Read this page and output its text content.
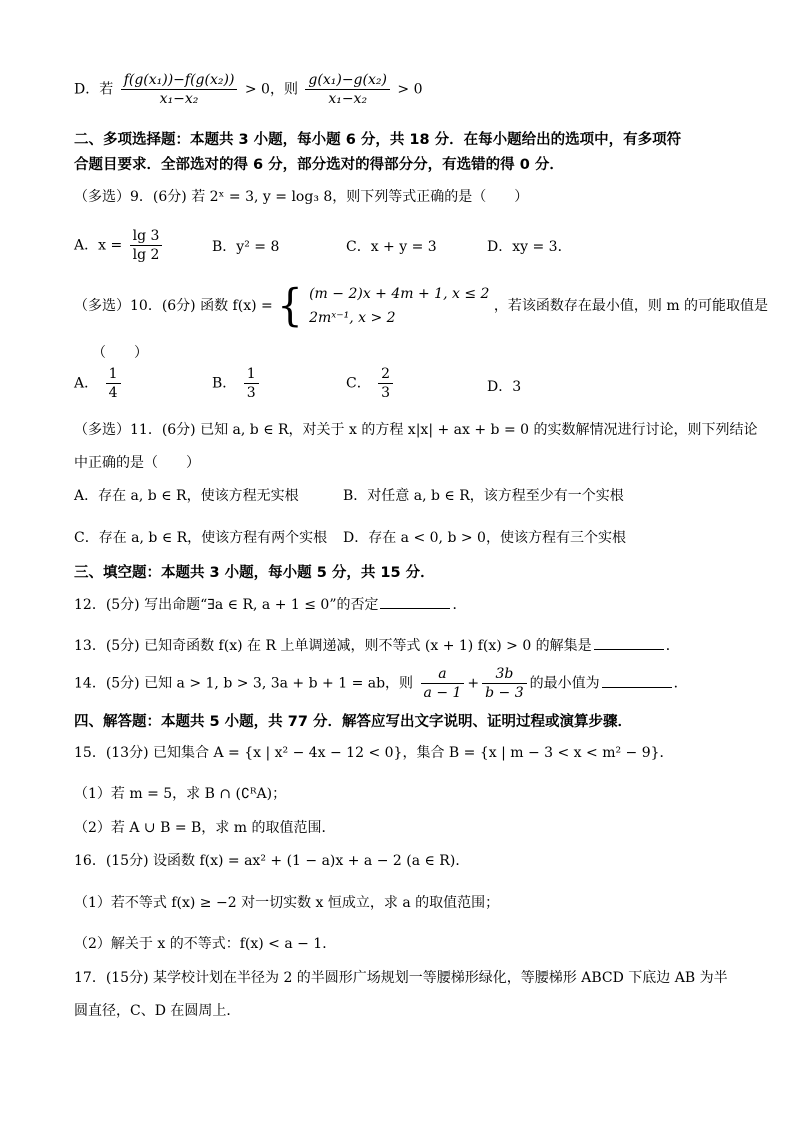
D．若 $\frac{\text{f(g(x₁))−f(g(x₂))}}{\text{x₁−x₂}} > 0$，则 $\frac{\text{g(x₁)−g(x₂)}}{\text{x₁−x₂}} > 0$
二、多项选择题：本题共 3 小题，每小题 6 分，共 18 分．在每小题给出的选项中，有多项符
合题目要求．全部选对的得 6 分，部分选对的得部分分，有选错的得 0 分．
（多选）9．(6分) 若 2ˣ = 3, y = log₃ 8，则下列等式正确的是（　　）
A．$x = \frac{\lg 3}{\lg 2}$	B．y² = 8	C．x + y = 3	D．xy = 3．
（多选）10．(6分) 函数 f(x) = { (m − 2)x + 4m + 1, x ≤ 2
2mˣ⁻¹, x > 2
，若该函数存在最小值，则 m 的可能取值是
（　　）
A． $\frac{1}{4}$	B． $\frac{1}{3}$	C． $\frac{2}{3}$	D．3
（多选）11．(6分) 已知 a, b ∈ R，对关于 x 的方程 x|x| + ax + b = 0 的实数解情况进行讨论，则下列结论
中正确的是（　　）
A．存在 a, b ∈ R，使该方程无实根	B．对任意 a, b ∈ R，该方程至少有一个实根
C．存在 a, b ∈ R，使该方程有两个实根 D．存在 a < 0, b > 0，使该方程有三个实根
三、填空题：本题共 3 小题，每小题 5 分，共 15 分．
12．(5分) 写出命题“∃a ∈ R, a + 1 ≤ 0”的否定	．
13．(5分) 已知奇函数 f(x) 在 R 上单调递减，则不等式 (x + 1) f(x) > 0 的解集是	．
14．(5分) 已知 a > 1, b > 3, 3a + b + 1 = ab，则 $\frac{a}{a - 1} + \frac{3b}{b - 3}$ 的最小值为	．
四、解答题：本题共 5 小题，共 77 分．解答应写出文字说明、证明过程或演算步骤．
15．(13分) 已知集合 A = {x | x² − 4x − 12 < 0}，集合 B = {x | m − 3 < x < m² − 9}．
（1）若 m = 5，求 B ∩ (∁ᴿA)；
（2）若 A ∪ B = B，求 m 的取值范围．
16．(15分) 设函数 f(x) = ax² + (1 − a)x + a − 2 (a ∈ R)．
（1）若不等式 f(x) ≥ −2 对一切实数 x 恒成立，求 a 的取值范围；
（2）解关于 x 的不等式：f(x) < a − 1．
17．(15分) 某学校计划在半径为 2 的半圆形广场规划一等腰梯形绿化，等腰梯形 ABCD 下底边 AB 为半
圆直径，C、D 在圆周上．
